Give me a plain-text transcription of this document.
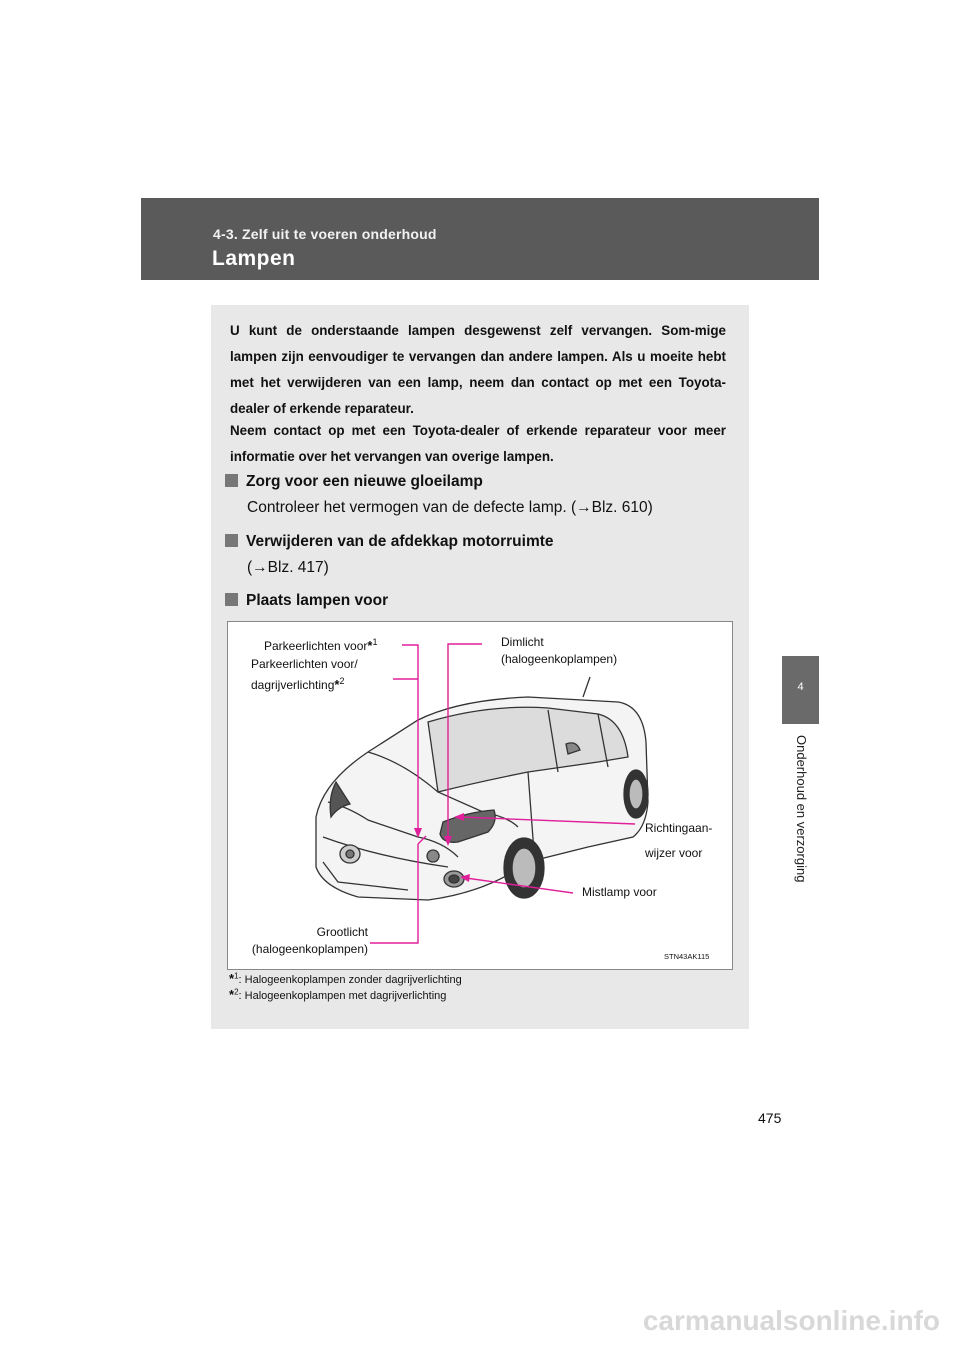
4-3. Zelf uit te voeren onderhoud
Lampen
4
Onderhoud en verzorging
U kunt de onderstaande lampen desgewenst zelf vervangen. Som-mige lampen zijn eenvoudiger te vervangen dan andere lampen. Als u moeite hebt met het verwijderen van een lamp, neem dan contact op met een Toyota-dealer of erkende reparateur.
Neem contact op met een Toyota-dealer of erkende reparateur voor meer informatie over het vervangen van overige lampen.
Zorg voor een nieuwe gloeilamp
Controleer het vermogen van de defecte lamp. (→Blz. 610)
Verwijderen van de afdekkap motorruimte
(→Blz. 417)
Plaats lampen voor
Parkeerlichten voor*$^1$
Parkeerlichten voor/
dagrijverlichting*$^2$
Dimlicht
(halogeenkoplampen)
Richtingaan-
wijzer voor
Mistlamp voor
Grootlicht
(halogeenkoplampen)
STN43AK115
*$^1$: Halogeenkoplampen zonder dagrijverlichting
*$^2$: Halogeenkoplampen met dagrijverlichting
475
carmanualsonline.info
